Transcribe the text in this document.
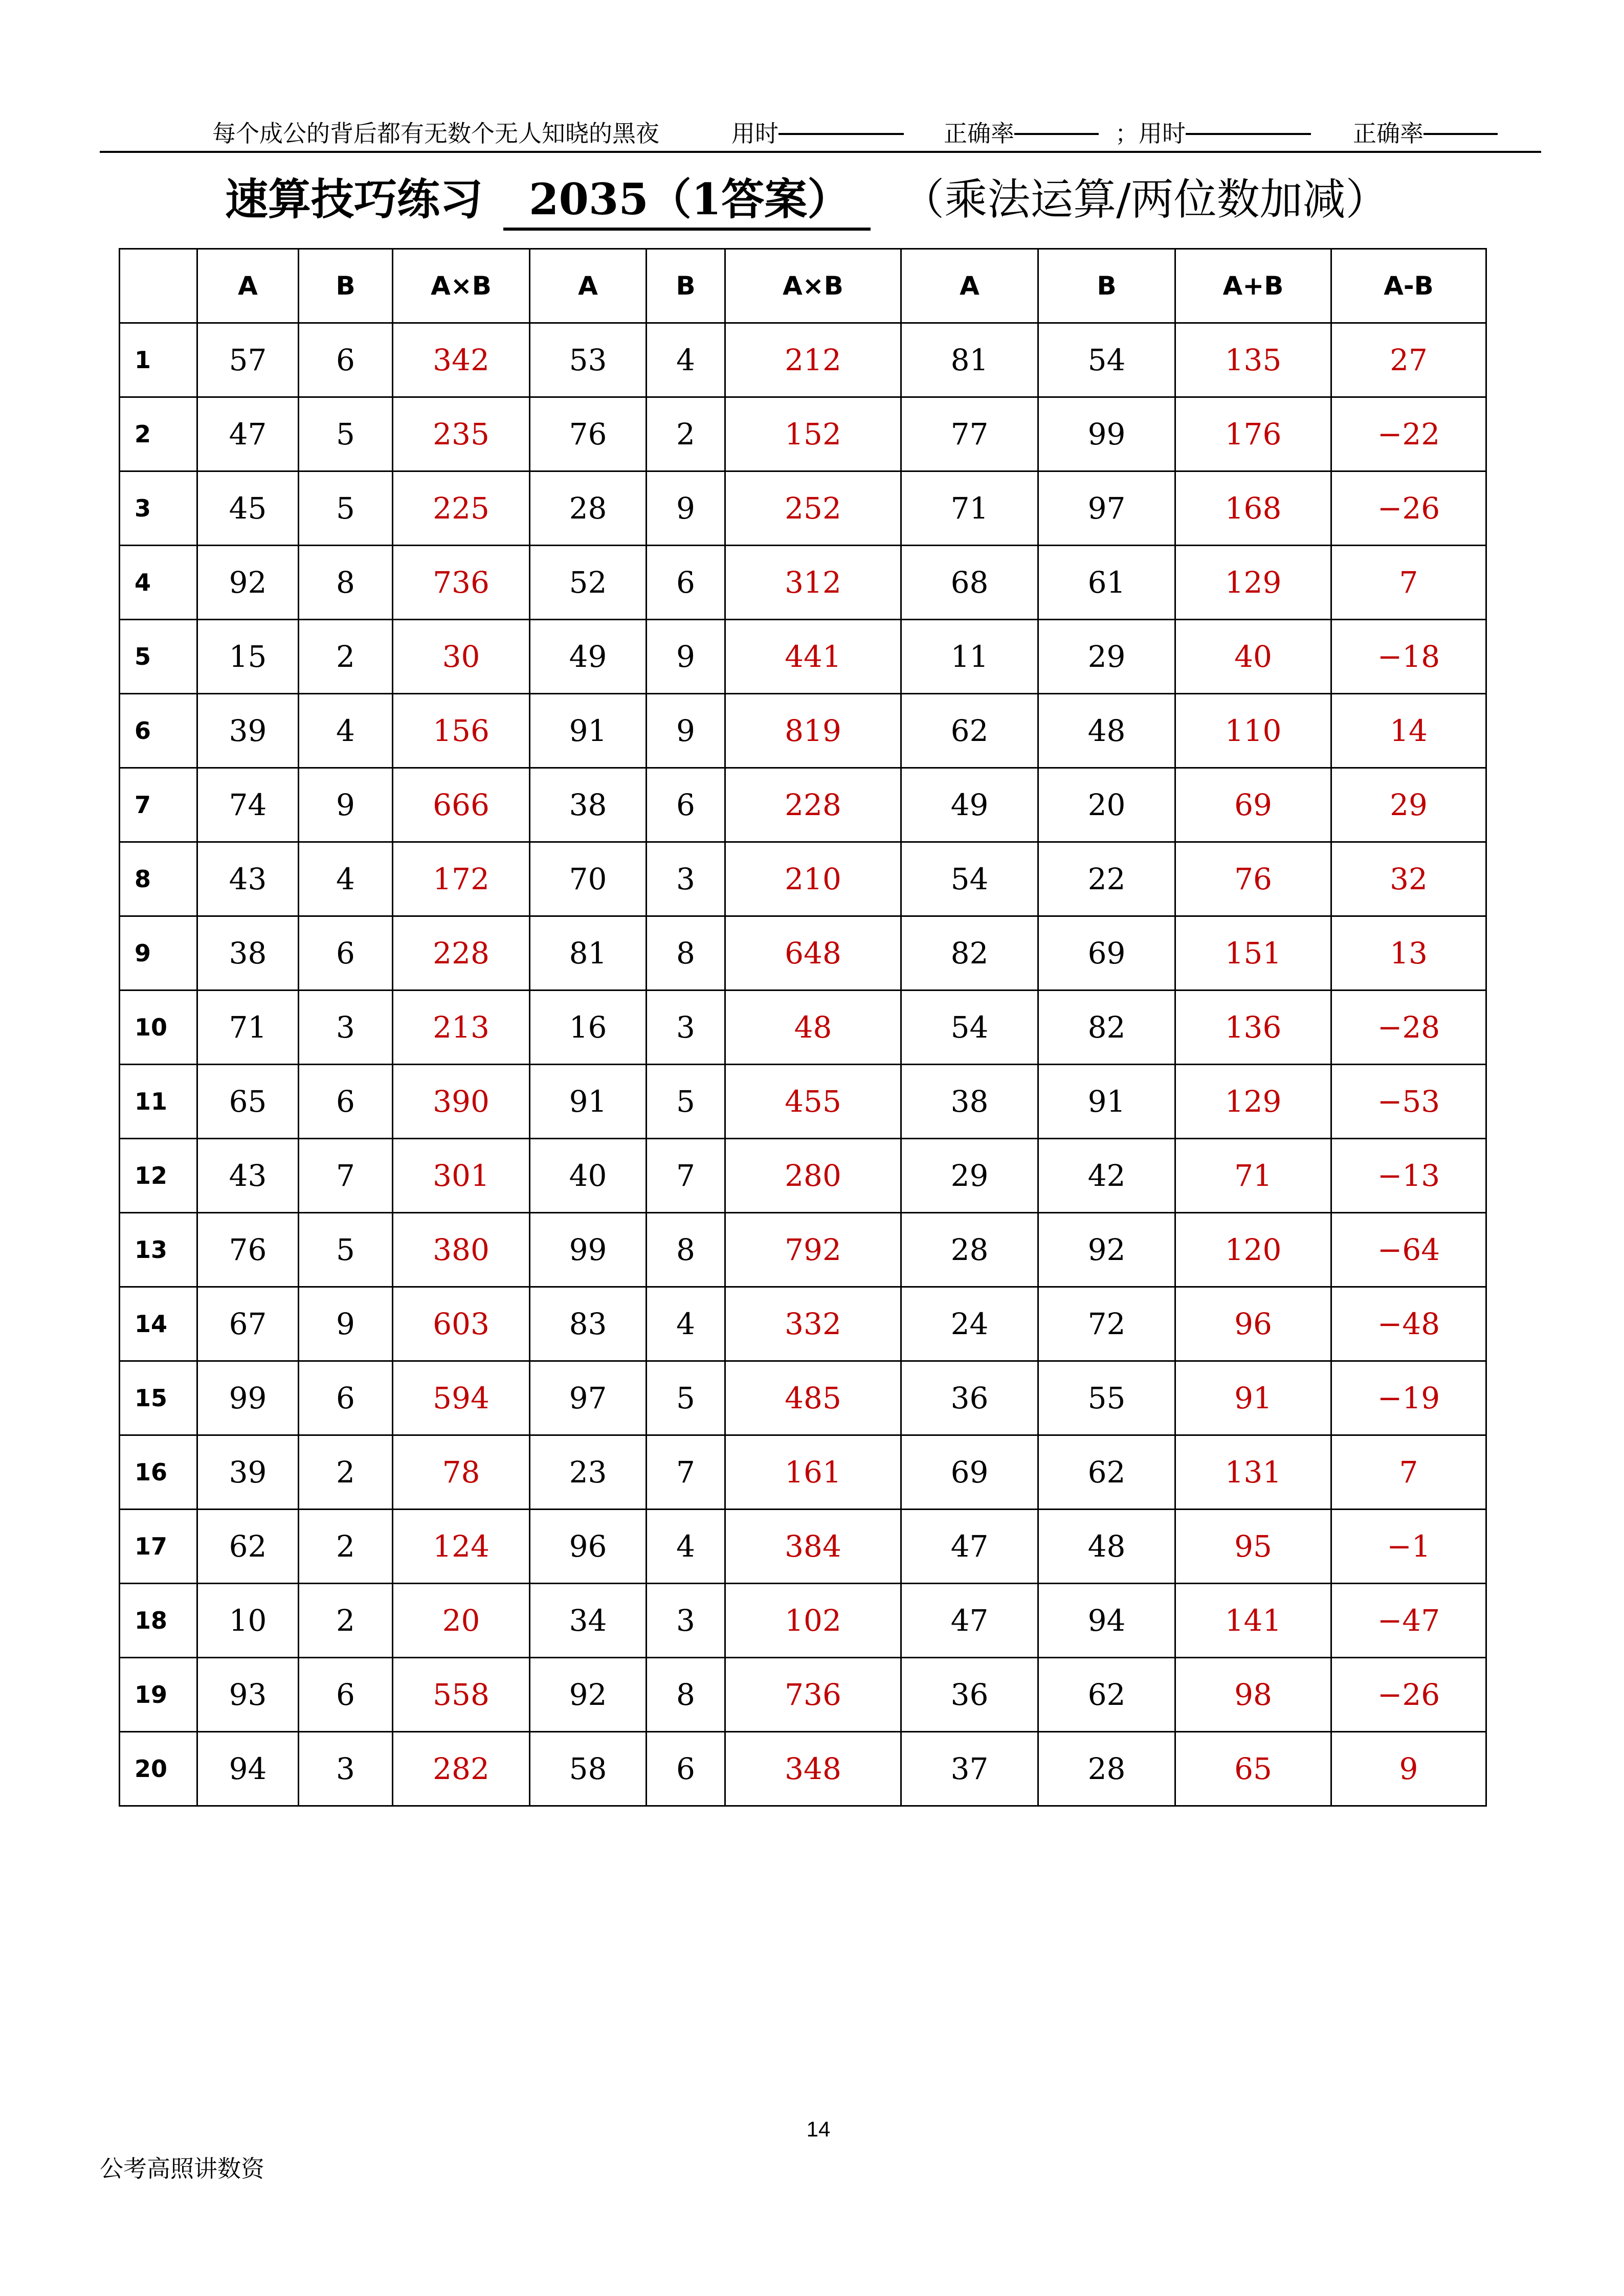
每个成公的背后都有无数个无人知晓的黑夜	用时	正确率	；用时	正确率
速算技巧练习 2035（1答案） （乘法运算/两位数加减）
	A	B	A×B	A	B	A×B	A	B	A+B	A-B
1	57	6	342	53	4	212	81	54	135	27
2	47	5	235	76	2	152	77	99	176	−22
3	45	5	225	28	9	252	71	97	168	−26
4	92	8	736	52	6	312	68	61	129	7
5	15	2	30	49	9	441	11	29	40	−18
6	39	4	156	91	9	819	62	48	110	14
7	74	9	666	38	6	228	49	20	69	29
8	43	4	172	70	3	210	54	22	76	32
9	38	6	228	81	8	648	82	69	151	13
10	71	3	213	16	3	48	54	82	136	−28
11	65	6	390	91	5	455	38	91	129	−53
12	43	7	301	40	7	280	29	42	71	−13
13	76	5	380	99	8	792	28	92	120	−64
14	67	9	603	83	4	332	24	72	96	−48
15	99	6	594	97	5	485	36	55	91	−19
16	39	2	78	23	7	161	69	62	131	7
17	62	2	124	96	4	384	47	48	95	−1
18	10	2	20	34	3	102	47	94	141	−47
19	93	6	558	92	8	736	36	62	98	−26
20	94	3	282	58	6	348	37	28	65	9
14
公考高照讲数资
